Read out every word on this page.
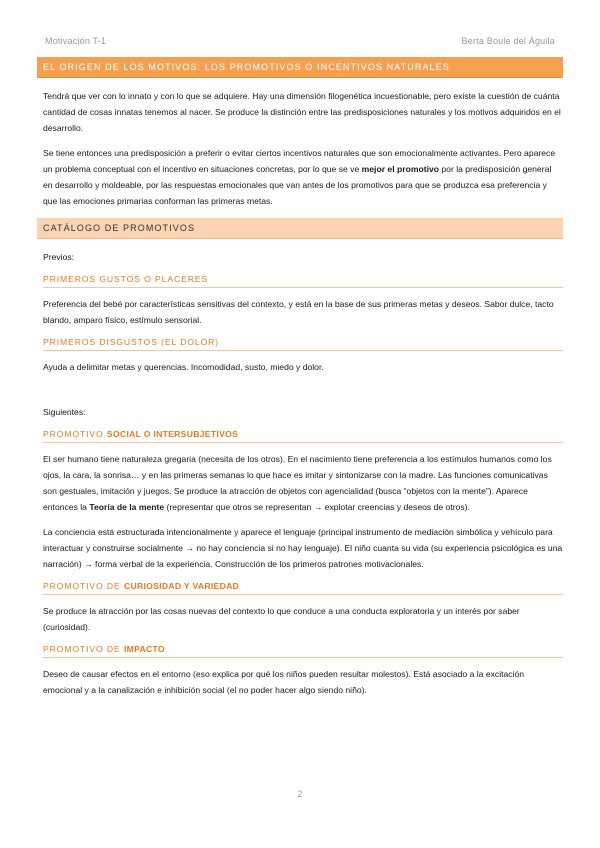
Motivación T-1	Berta Boule del Águila
EL ORIGEN DE LOS MOTIVOS: LOS PROMOTIVOS O INCENTIVOS NATURALES

Tendrá que ver con lo innato y con lo que se adquiere. Hay una dimensión filogenética incuestionable, pero existe la cuestión de cuánta cantidad de cosas innatas tenemos al nacer. Se produce la distinción entre las predisposiciones naturales y los motivos adquiridos en el desarrollo.

Se tiene entonces una predisposición a preferir o evitar ciertos incentivos naturales que son emocionalmente activantes. Pero aparece un problema conceptual con el incentivo en situaciones concretas, por lo que se ve mejor el promotivo por la predisposición general en desarrollo y moldeable, por las respuestas emocionales que van antes de los promotivos para que se produzca esa preferencia y que las emociones primarias conforman las primeras metas.

CATÁLOGO DE PROMOTIVOS

Previos:

PRIMEROS GUSTOS O PLACERES

Preferencia del bebé por características sensitivas del contexto, y está en la base de sus primeras metas y deseos. Sabor dulce, tacto blando, amparo físico, estímulo sensorial.

PRIMEROS DISGUSTOS (EL DOLOR)

Ayuda a delimitar metas y querencias. Incomodidad, susto, miedo y dolor.

Siguientes:

PROMOTIVO SOCIAL O INTERSUBJETIVOS

El ser humano tiene naturaleza gregaria (necesita de los otros). En el nacimiento tiene preferencia a los estímulos humanos como los ojos, la cara, la sonrisa… y en las primeras semanas lo que hace es imitar y sintonizarse con la madre. Las funciones comunicativas son gestuales, imitación y juegos. Se produce la atracción de objetos con agencialidad (busca “objetos con la mente”). Aparece entonces la Teoría de la mente (representar que otros se representan → explotar creencias y deseos de otros).

La conciencia está estructurada intencionalmente y aparece el lenguaje (principal instrumento de mediación simbólica y vehículo para interactuar y construirse socialmente → no hay conciencia si no hay lenguaje). El niño cuanta su vida (su experiencia psicológica es una narración) → forma verbal de la experiencia. Construcción de los primeros patrones motivacionales.

PROMOTIVO DE CURIOSIDAD Y VARIEDAD

Se produce la atracción por las cosas nuevas del contexto lo que conduce a una conducta exploratoria y un interés por saber (curiosidad).

PROMOTIVO DE IMPACTO

Deseo de causar efectos en el entorno (eso explica por qué los niños pueden resultar molestos). Está asociado a la excitación emocional y a la canalización e inhibición social (el no poder hacer algo siendo niño).

2
